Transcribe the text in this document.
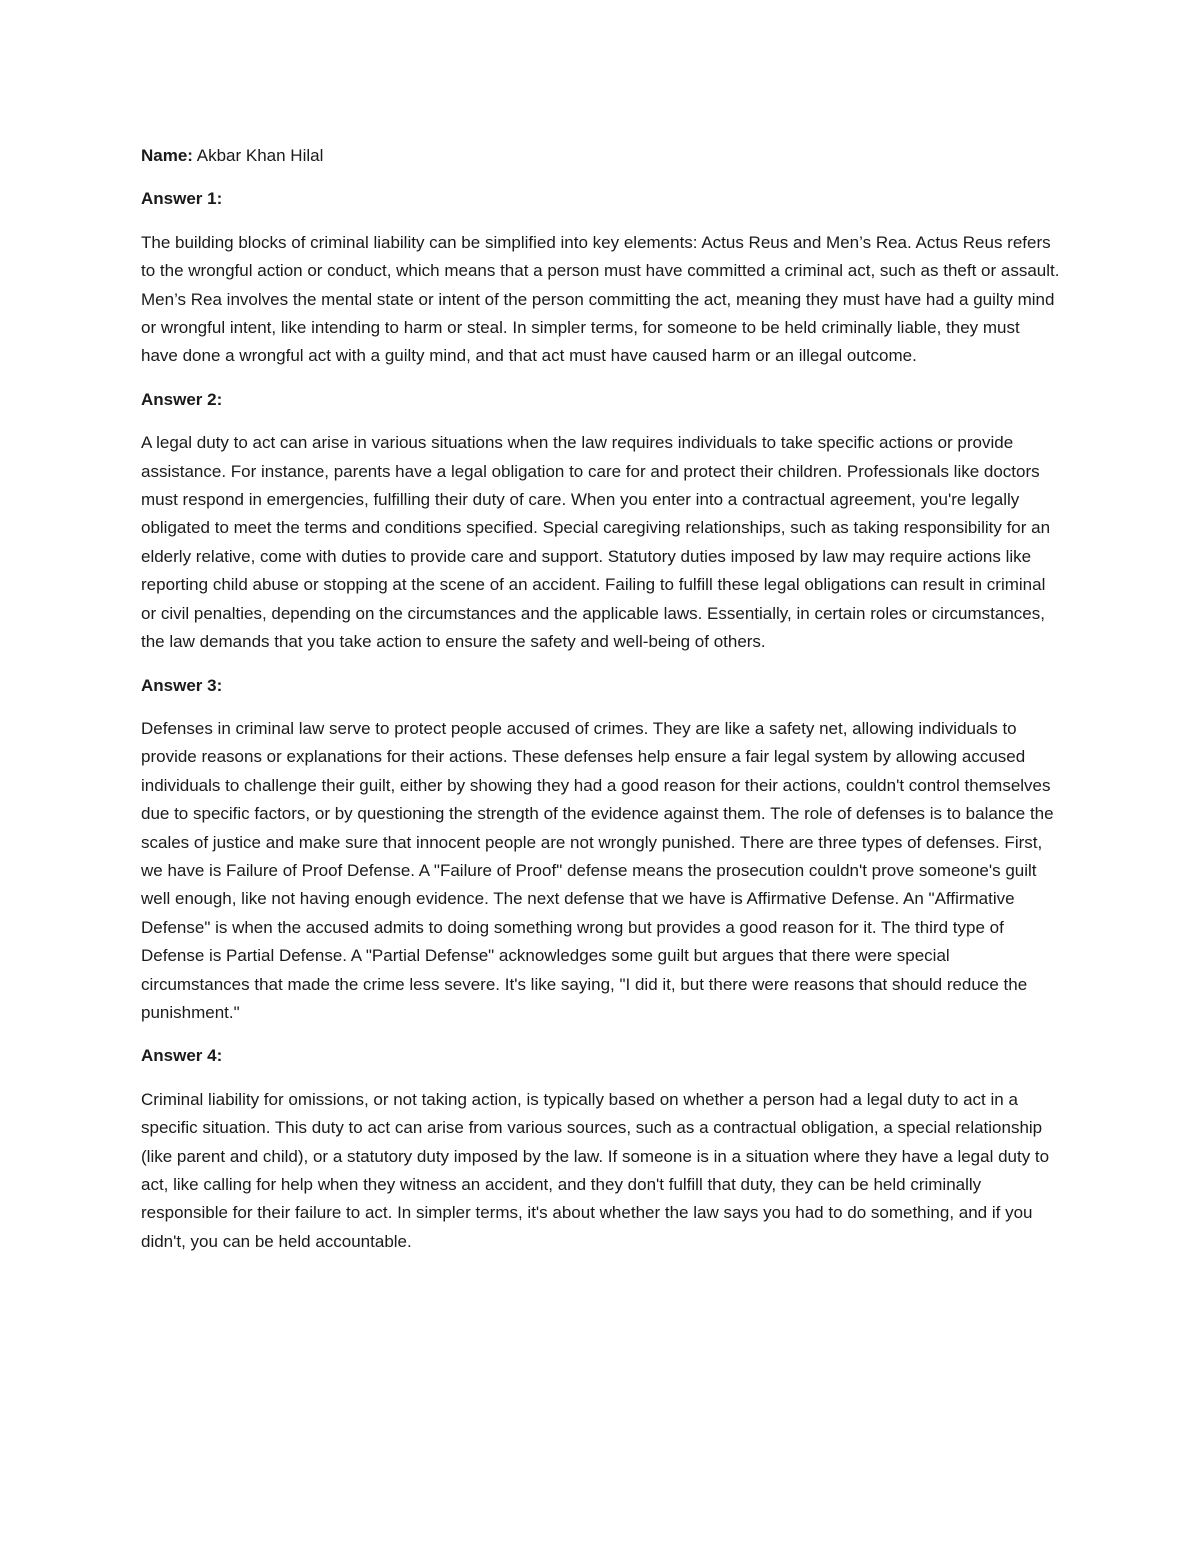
Name: Akbar Khan Hilal

Answer 1:

The building blocks of criminal liability can be simplified into key elements: Actus Reus and Men’s Rea. Actus Reus refers to the wrongful action or conduct, which means that a person must have committed a criminal act, such as theft or assault. Men’s Rea involves the mental state or intent of the person committing the act, meaning they must have had a guilty mind or wrongful intent, like intending to harm or steal. In simpler terms, for someone to be held criminally liable, they must have done a wrongful act with a guilty mind, and that act must have caused harm or an illegal outcome.

Answer 2:

A legal duty to act can arise in various situations when the law requires individuals to take specific actions or provide assistance. For instance, parents have a legal obligation to care for and protect their children. Professionals like doctors must respond in emergencies, fulfilling their duty of care. When you enter into a contractual agreement, you're legally obligated to meet the terms and conditions specified. Special caregiving relationships, such as taking responsibility for an elderly relative, come with duties to provide care and support. Statutory duties imposed by law may require actions like reporting child abuse or stopping at the scene of an accident. Failing to fulfill these legal obligations can result in criminal or civil penalties, depending on the circumstances and the applicable laws. Essentially, in certain roles or circumstances, the law demands that you take action to ensure the safety and well-being of others.

Answer 3:

Defenses in criminal law serve to protect people accused of crimes. They are like a safety net, allowing individuals to provide reasons or explanations for their actions. These defenses help ensure a fair legal system by allowing accused individuals to challenge their guilt, either by showing they had a good reason for their actions, couldn't control themselves due to specific factors, or by questioning the strength of the evidence against them. The role of defenses is to balance the scales of justice and make sure that innocent people are not wrongly punished. There are three types of defenses. First, we have is Failure of Proof Defense. A "Failure of Proof" defense means the prosecution couldn't prove someone's guilt well enough, like not having enough evidence. The next defense that we have is Affirmative Defense. An "Affirmative Defense" is when the accused admits to doing something wrong but provides a good reason for it. The third type of Defense is Partial Defense. A "Partial Defense" acknowledges some guilt but argues that there were special circumstances that made the crime less severe. It's like saying, "I did it, but there were reasons that should reduce the punishment."

Answer 4:

Criminal liability for omissions, or not taking action, is typically based on whether a person had a legal duty to act in a specific situation. This duty to act can arise from various sources, such as a contractual obligation, a special relationship (like parent and child), or a statutory duty imposed by the law. If someone is in a situation where they have a legal duty to act, like calling for help when they witness an accident, and they don't fulfill that duty, they can be held criminally responsible for their failure to act. In simpler terms, it's about whether the law says you had to do something, and if you didn't, you can be held accountable.
